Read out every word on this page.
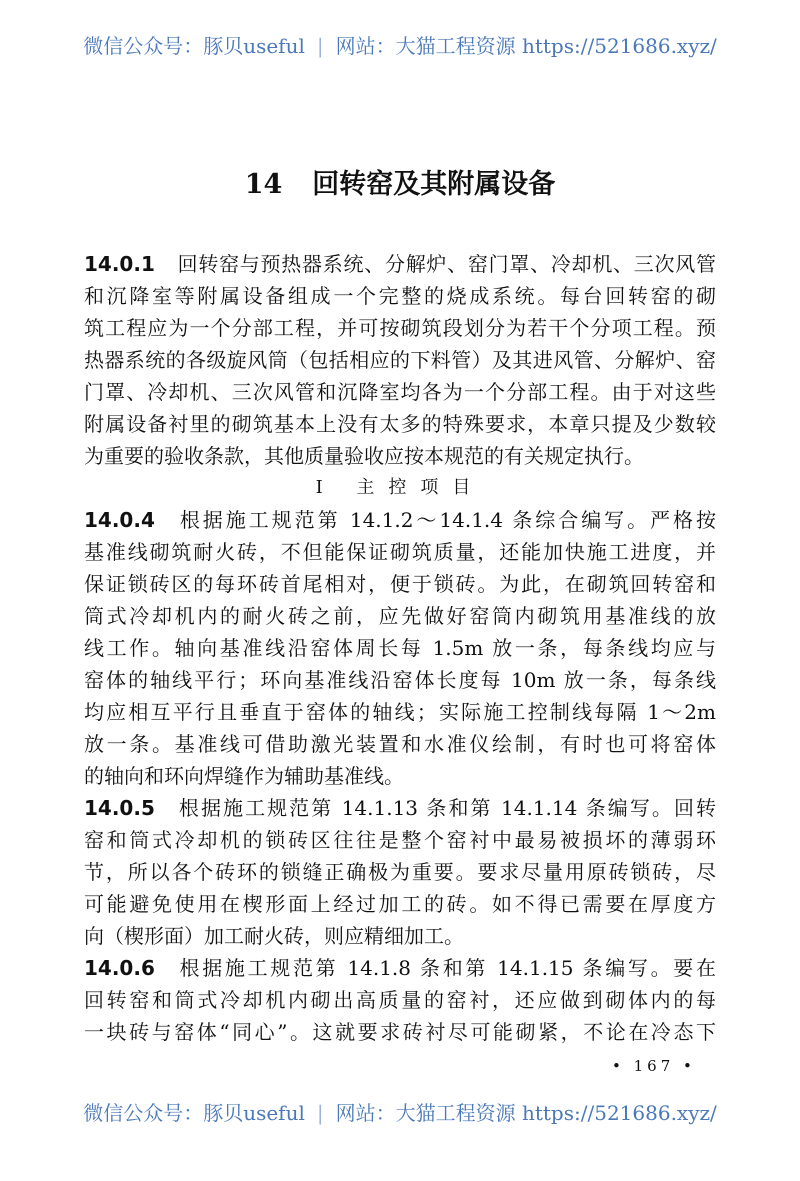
微信公众号：豚贝useful | 网站：大猫工程资源 https://521686.xyz/
14 回转窑及其附属设备
14.0.1 回转窑与预热器系统、分解炉、窑门罩、冷却机、三次风管
和沉降室等附属设备组成一个完整的烧成系统。每台回转窑的砌
筑工程应为一个分部工程，并可按砌筑段划分为若干个分项工程。预
热器系统的各级旋风筒（包括相应的下料管）及其进风管、分解炉、窑
门罩、冷却机、三次风管和沉降室均各为一个分部工程。由于对这些
附属设备衬里的砌筑基本上没有太多的特殊要求，本章只提及少数较
为重要的验收条款，其他质量验收应按本规范的有关规定执行。
Ⅰ 主控项目
14.0.4 根据施工规范第 14.1.2～14.1.4 条综合编写。严格按
基准线砌筑耐火砖，不但能保证砌筑质量，还能加快施工进度，并
保证锁砖区的每环砖首尾相对，便于锁砖。为此，在砌筑回转窑和
筒式冷却机内的耐火砖之前，应先做好窑筒内砌筑用基准线的放
线工作。轴向基准线沿窑体周长每 1.5m 放一条，每条线均应与
窑体的轴线平行；环向基准线沿窑体长度每 10m 放一条，每条线
均应相互平行且垂直于窑体的轴线；实际施工控制线每隔 1～2m
放一条。基准线可借助激光装置和水准仪绘制，有时也可将窑体
的轴向和环向焊缝作为辅助基准线。
14.0.5 根据施工规范第 14.1.13 条和第 14.1.14 条编写。回转
窑和筒式冷却机的锁砖区往往是整个窑衬中最易被损坏的薄弱环
节，所以各个砖环的锁缝正确极为重要。要求尽量用原砖锁砖，尽
可能避免使用在楔形面上经过加工的砖。如不得已需要在厚度方
向（楔形面）加工耐火砖，则应精细加工。
14.0.6 根据施工规范第 14.1.8 条和第 14.1.15 条编写。要在
回转窑和筒式冷却机内砌出高质量的窑衬，还应做到砌体内的每
一块砖与窑体“同心”。这就要求砖衬尽可能砌紧，不论在冷态下
• 167 •
微信公众号：豚贝useful | 网站：大猫工程资源 https://521686.xyz/
